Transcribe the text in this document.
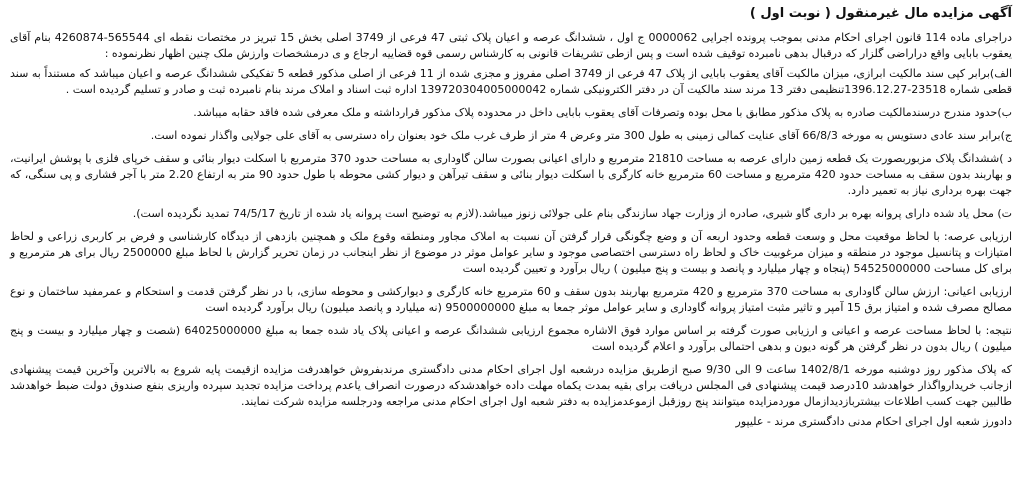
آگهی مزایده مال غیرمنقول ( نوبت اول )
دراجرای ماده 114 قانون اجرای احکام مدنی بموجب پرونده اجرایی 0000062 ج اول ، ششدانگ عرصه و اعیان پلاک ثبتی 47 فرعی از 3749 اصلی بخش 15 تبریز در مختصات نقطه ای 565544-4260874 بنام آقای یعقوب بابایی واقع دراراضی گلزار که درقبال بدهی نامبرده توقیف شده است و پس ازطی تشریفات قانونی به کارشناس رسمی قوه قضاییه ارجاع و ی درمشخصات وارزش ملک چنین اظهار نظرنموده :
الف)برابر کپی سند مالکیت ابرازی، میزان مالکیت آقای یعقوب بابایی از پلاک 47 فرعی از 3749 اصلی مفروز و مجزی شده از 11 فرعی از اصلی مذکور قطعه 5 تفکیکی ششدانگ عرصه و اعیان میباشد که مستنداً به سند قطعی شماره 23518-1396.12.27تنظیمی دفتر 13 مرند سند مالکیت آن در دفتر الکترونیکی شماره 139720304005000042 اداره ثبت اسناد و املاک مرند بنام نامبرده ثبت و صادر و تسلیم گردیده است .
ب)حدود مندرج درسندمالکیت صادره به پلاک مذکور مطابق با محل بوده وتصرفات آقای یعقوب بابایی داخل در محدوده پلاک مذکور قرارداشته و ملک معرفی شده فاقد حقابه میباشد.
ج)برابر سند عادی دستویس به مورخه 66/8/3 آقای عنایت کمالی زمینی به طول 300 متر وعرض 4 متر از طرف غرب ملک خود بعنوان راه دسترسی به آقای علی جولایی واگذار نموده است.
د )ششدانگ پلاک مزبوربصورت یک قطعه زمین دارای عرصه به مساحت 21810 مترمربع و دارای اعیانی بصورت سالن گاوداری به مساحت حدود 370 مترمربع با اسکلت دیوار بنائی و سقف خرپای فلزی با پوشش ایرانیت، و بهاربند بدون سقف به مساحت حدود 420 مترمربع و مساحت 60 مترمربع خانه کارگری با اسکلت دیوار بنائی و سقف تیرآهن و دیوار کشی محوطه با طول حدود 90 متر به ارتفاع 2.20 متر با آجر فشاری و پی سنگی، که جهت بهره برداری نیاز به تعمیر دارد.
ت) محل یاد شده دارای پروانه بهره بر داری گاو شیری، صادره از وزارت جهاد سازندگی بنام علی جولائی زنوز میباشد.(لازم به توضیح است پروانه یاد شده از تاریخ 74/5/17 تمدید نگردیده است).
ارزیابی عرصه: با لحاظ موقعیت محل و وسعت قطعه وحدود اربعه آن و وضع چگونگی قرار گرفتن آن نسبت به املاک مجاور ومنطقه وقوع ملک و همچنین بازدهی از دیدگاه کارشناسی و فرض بر کاربری زراعی و لحاظ امتیازات و پتانسیل موجود در منطقه و میزان مرغوبیت خاک و لحاظ راه دسترسی اختصاصی موجود و سایر عوامل موثر در موضوع از نظر اینجانب در زمان تحریر گزارش با لحاظ مبلغ 2500000 ریال برای هر مترمربع و برای کل مساحت 54525000000 (پنجاه و چهار میلیارد و پانصد و بیست و پنج میلیون ) ریال برآورد و تعیین گردیده است
ارزیابی اعیانی: ارزش سالن گاوداری به مساحت 370 مترمربع و 420 مترمربع بهاربند بدون سقف و 60 مترمربع خانه کارگری و دیوارکشی و محوطه سازی، با در نظر گرفتن قدمت و استحکام و عمرمفید ساختمان و نوع مصالح مصرف شده و امتیاز برق 15 آمپر و تاثیر مثبت امتیاز پروانه گاوداری و سایر عوامل موثر جمعا به مبلغ 9500000000 (نه میلیارد و پانصد میلیون) ریال برآورد گردیده است
نتیجه: با لحاظ مساحت عرصه و اعیانی و ارزیابی صورت گرفته بر اساس موارد فوق الاشاره مجموع ارزیابی ششدانگ عرصه و اعیانی پلاک یاد شده جمعا به مبلغ 64025000000 (شصت و چهار میلیارد و بیست و پنج میلیون ) ریال بدون در نظر گرفتن هر گونه دیون و بدهی احتمالی برآورد و اعلام گردیده است
که پلاک مذکور روز دوشنبه مورخه 1402/8/1 ساعت 9 الی 9/30 صبح ازطریق مزایده درشعبه اول اجرای احکام مدنی دادگستری مرندبفروش خواهدرفت مزایده ازقیمت پایه شروع به بالاترین وآخرین قیمت پیشنهادی ازجانب خریدارواگذار خواهدشد 10درصد قیمت پیشنهادی فی المجلس دریافت برای بقیه بمدت یکماه مهلت داده خواهدشدکه درصورت انصراف یاعدم پرداخت مزایده تجدید سپرده واریزی بنفع صندوق دولت ضبط خواهدشد طالبین جهت کسب اطلاعات بیشتربازدیدازمال موردمزایده میتوانند پنج روزقبل ازموعدمزایده به دفتر شعبه اول اجرای احکام مدنی مراجعه ودرجلسه مزایده شرکت نمایند.
دادورز شعبه اول اجرای احکام مدنی دادگستری مرند - علیپور
